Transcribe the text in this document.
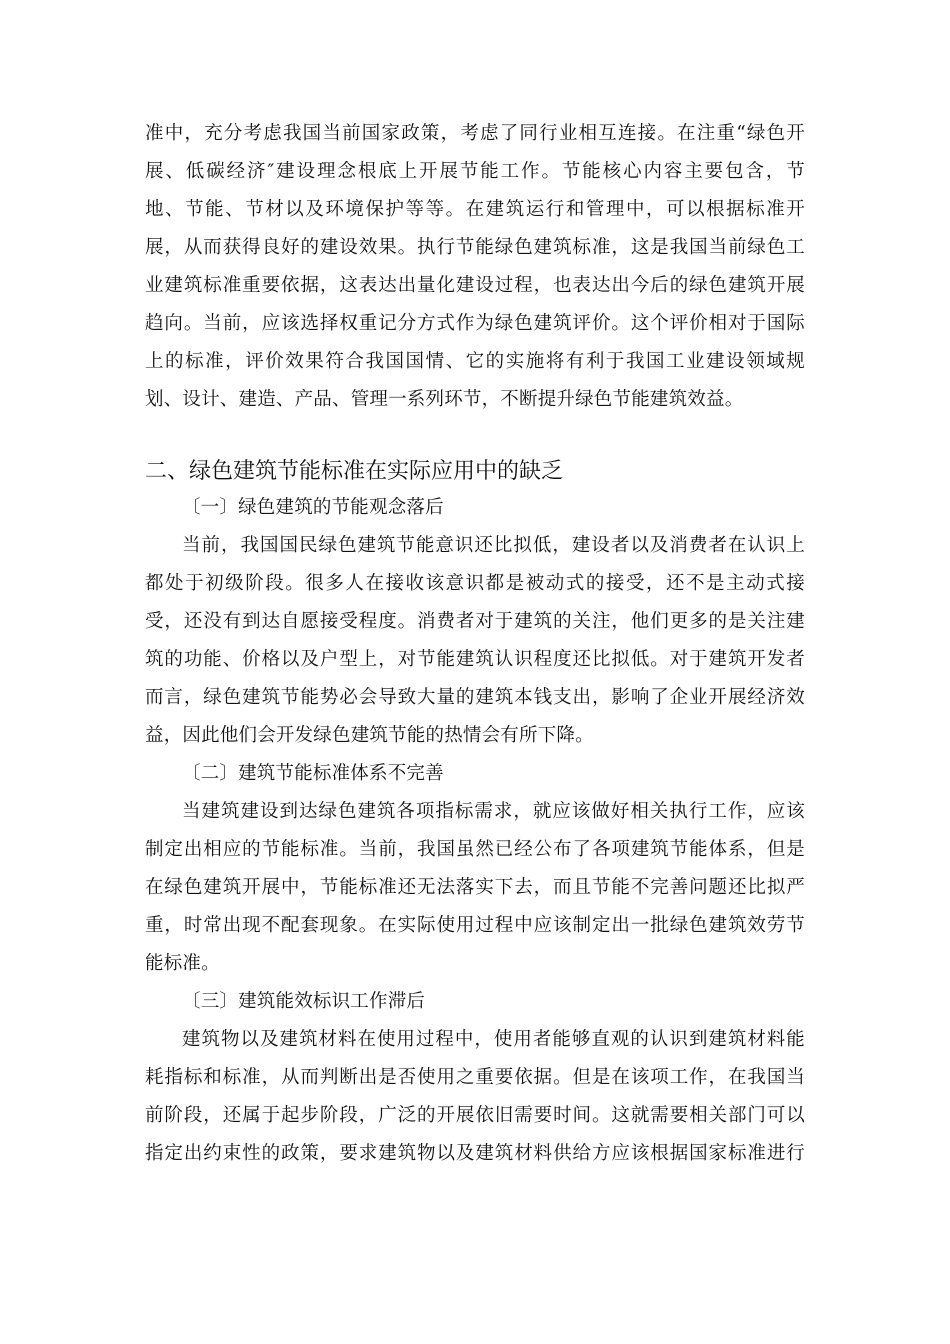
准中，充分考虑我国当前国家政策，考虑了同行业相互连接。在注重“绿色开
展、低碳经济″建设理念根底上开展节能工作。节能核心内容主要包含，节
地、节能、节材以及环境保护等等。在建筑运行和管理中，可以根据标准开
展，从而获得良好的建设效果。执行节能绿色建筑标准，这是我国当前绿色工
业建筑标准重要依据，这表达出量化建设过程，也表达出今后的绿色建筑开展
趋向。当前，应该选择权重记分方式作为绿色建筑评价。这个评价相对于国际
上的标准，评价效果符合我国国情、它的实施将有利于我国工业建设领域规
划、设计、建造、产品、管理一系列环节，不断提升绿色节能建筑效益。
二、绿色建筑节能标准在实际应用中的缺乏
〔一〕绿色建筑的节能观念落后
当前，我国国民绿色建筑节能意识还比拟低，建设者以及消费者在认识上
都处于初级阶段。很多人在接收该意识都是被动式的接受，还不是主动式接
受，还没有到达自愿接受程度。消费者对于建筑的关注，他们更多的是关注建
筑的功能、价格以及户型上，对节能建筑认识程度还比拟低。对于建筑开发者
而言，绿色建筑节能势必会导致大量的建筑本钱支出，影响了企业开展经济效
益，因此他们会开发绿色建筑节能的热情会有所下降。
〔二〕建筑节能标准体系不完善
当建筑建设到达绿色建筑各项指标需求，就应该做好相关执行工作，应该
制定出相应的节能标准。当前，我国虽然已经公布了各项建筑节能体系，但是
在绿色建筑开展中，节能标准还无法落实下去，而且节能不完善问题还比拟严
重，时常出现不配套现象。在实际使用过程中应该制定出一批绿色建筑效劳节
能标准。
〔三〕建筑能效标识工作滞后
建筑物以及建筑材料在使用过程中，使用者能够直观的认识到建筑材料能
耗指标和标准，从而判断出是否使用之重要依据。但是在该项工作，在我国当
前阶段，还属于起步阶段，广泛的开展依旧需要时间。这就需要相关部门可以
指定出约束性的政策，要求建筑物以及建筑材料供给方应该根据国家标准进行
